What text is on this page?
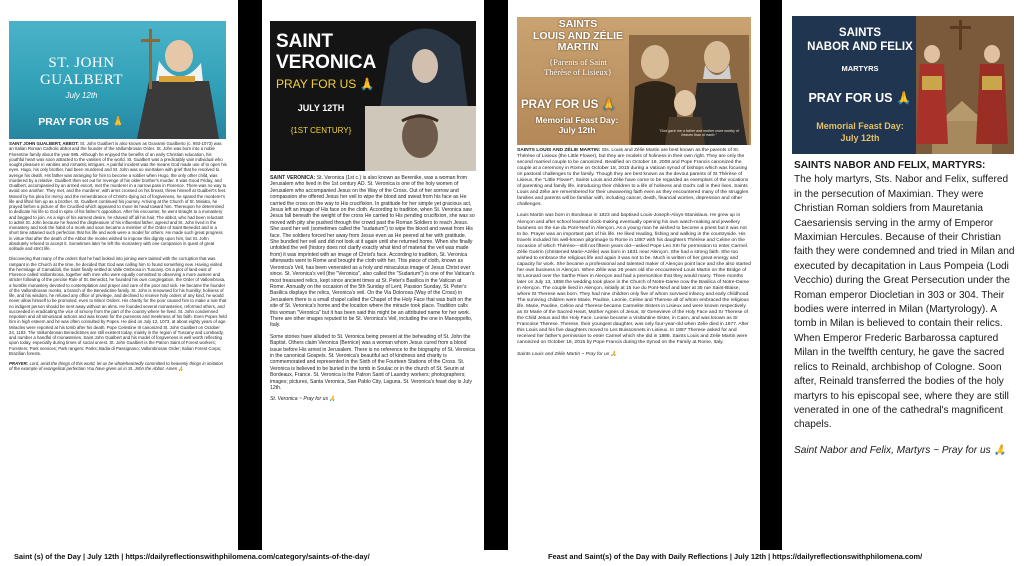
ST. JOHN
GUALBERT
July 12th
PRAY FOR US 🙏

SAINT JOHN GUALBERT, ABBOT: St. John Gualbert is also known as Giovanni Gualberto (c. 993-1073) was an Italian Roman Catholic abbot and the founder of the Vallumbrosan Order. St. John was born into a noble Florentine family about the year 985. Although he enjoyed the benefits of an early Christian education, his youthful heart was soon attracted to the vanities of the world. St. Gualbert was a predictably vain individual who sought pleasure in vanities and romantic intrigues. A painful incident was the means God made use of to open his eyes. Hugo, his only brother, had been murdered and St. John was so overtaken with grief that he resolved to avenge his death. His father was arranging for him to become a soldier when Hugo, the only other child, was murdered by a relative. Gualbert then set out for revenge of his older brother's murder. It was Good Friday, and Gualbert, accompanied by an armed escort, met the murderer in a narrow pass in Florence. There was no way to avoid one another. They met, and the murderer, with arms crossed on his breast, threw himself at Gualbert's feet. Moved by his plea for mercy and the remembrance of Christ's dying act of forgiveness, he spared the murderer's life and lifted him up as a brother. St. Gualbert continued his journey. Arriving at the Church of St. Miniato, he prayed before a picture of the Crucified which appeared to move its head toward him. Thereupon he determined to dedicate his life to God in spite of his father's opposition. After his encounter, he went straight to a monastery and begged to join. As a sign of his earnest desire, he shaved off all his hair. The abbot, who had been reluctant to admit St. John because he feared the displeasure of his influential father, agreed and St. John lived in the monastery and took the habit of a monk and soon became a member of the Order of Saint Benedict and in a short time attained such perfection that his life and work were a model for others. He made such great progress in virtue that after the death of the Abbot the monks wished to impose this dignity upon him, but St. John absolutely refused to accept it. Sometimes later he left the monastery with one companion in quest of great solitude and strict life.

Discovering that many of the orders that he had looked into joining were tainted with the corruption that was rampant in the Church at the time, he decided that God was calling him to found something new. Having visited the hermitage of Camaldoli, the Saint finally settled at Valle Ombrosa in Tuscany. On a plot of land east of Florence called Vallombrosa, together with men who were equally committed to observing a more austere and stricter following of the precise Rule of St. Benedict, he founded his own congregation, the Order of Vallombrosa, a humble monastery devoted to contemplation and prayer and care of the poor and sick. He became the founder of the Vallombrosan monks, a branch of the Benedictine family. St. John is renowned for his humility, holiness of life, and his wisdom, he refused any office of privilege, and declined to receive holy orders of any kind, he would never allow himself to be promoted, even to Minor Orders. His charity for the poor caused him to make a rule that no indigent person should be sent away without an alms. He founded several monasteries, reformed others, and succeeded in eradicating the vice of simony from the part of the country where he lived. St. John condemned nepotism and all simoniacal actions and was known for the pureness and meekness of his faith. Even Popes held him in high esteem and he was often consulted by Popes. He died on July 12, 1073, at about eighty years of age. Miracles were reported at his tomb after his death. Pope Celestine III canonized St. John Gualbert on October 24, 1193. The Vallumbrosan Benedictines are still existent today, mainly in the region of Tuscany and Lombardy, and number a handful of monasteries. Saint John Gualbert and his model of forgiveness is well worth reflecting upon today, especially during times of social unrest. St. John Gualbert is the Patron Saint of Forest workers; Foresters; Park services; Park rangers; Parks; Badia di Passignano; Vallumbrosan Order; Italian Forest Corps; Brazilian forests.

PRAYER: Lord, amid the things of this world, let us be wholeheartedly committed to heavenly things in imitation of the example of evangelical perfection You have given us in St. John the Abbot. Amen 🙏

SAINT
VERONICA
PRAY FOR US 🙏
JULY 12TH
{1ST CENTURY}

SAINT VERONICA: St. Veronica (1st c.) is also known as Berenike, was a woman from Jerusalem who lived in the 1st century AD. St. Veronica is one of the holy women of Jerusalem who accompanied Jesus on the Way of the Cross. Out of her sorrow and compassion she offered Jesus her veil to wipe the blood and sweat from his face as He carried the cross on the way to His crucifixion. In gratitude for her simple yet gracious act, Jesus left an image of His face on the cloth. According to tradition, when St. Veronica saw Jesus fall beneath the weight of the cross He carried to His pending crucifixion, she was so moved with pity she pushed through the crowd past the Roman Soldiers to reach Jesus. She used her veil (sometimes called the "sudarium") to wipe the blood and sweat from His face. The soldiers forced her away from Jesus even as He peered at her with gratitude. She bundled her veil and did not look at it again until she returned home. When she finally unfolded the veil (history does not clarify exactly what kind of material the veil was made from) it was imprinted with an image of Christ's face. According to tradition, St. Veronica afterwards went to Rome and brought the cloth with her. This piece of cloth, known as Veronica's Veil, has been venerated as a holy and miraculous image of Jesus Christ ever since. St. Veronica's veil (the "Veronica", also called the "Sudarium") is one of the Vatican's most treasured relics, kept since ancient times at St. Peter's Basilica in the Vatican at Rome. Annually on the occasion of the 5th Sunday of Lent, Passion Sunday, St. Peter's Basilica displays the relics, Veronica's veil. On the Via Dolorosa (Way of the Cross) in Jerusalem there is a small chapel called the Chapel of the Holy Face that was built on the site of St. Veronica's home and the location where the miracle took place. Tradition calls this woman "Veronica" but it has been said this might be an attributed name for her work. There are other images reputed to be St. Veronica's Veil, including the one in Manoppello, Italy.

Some stories have alluded to St. Veronica being present at the beheading of St. John the Baptist. Others claim Veronica (Bernice) was a woman whom Jesus cured from a blood issue before His arrest in Jerusalem. There is no reference to the biography of St. Veronica in the canonical Gospels. St. Veronica's beautiful act of kindness and charity is commemorated and represented in the Sixth of the Fourteen Stations of the Cross. St. Veronica is believed to be buried in the tomb in Soulac or in the church of St. Seurin at Bordeaux, France. St. Veronica is the Patron Saint of Laundry workers; photographers; images; pictures, Santa Veronica, San Pablo City, Laguna. St. Veronica's feast day is July 12th.

St. Veronica ~ Pray for us 🙏

SAINTS
LOUIS AND ZÉLIE
MARTIN
{Parents of Saint
Thérèse of Lisieux}
PRAY FOR US 🙏
Memorial Feast Day:
July 12th	"God gave me a father and mother more worthy of heaven than of earth."

SAINTS LOUIS AND ZÉLIE MARTIN: Sts. Louis and Zélie Martin are best known as the parents of St. Thérèse of Lisieux (the Little Flower), but they are models of holiness in their own right. They are only the second married couple to be canonized. Beatified on October 19, 2008 and Pope Francis canonized the couple at a ceremony in Rome on October 18, 2015 during a Vatican synod of bishops which was focusing on pastoral challenges to the family. Though they are best known as the devout parents of St Thérèse of Lisieux, the "Little Flower", Saints Louis and Zélie have come to be regarded as exemplars of the vocations of parenting and family life, introducing their children to a life of holiness and God's call in their lives. Saints Louis and Zélie are remembered for their unwavering faith even as they encountered many of the struggles families and parents will be familiar with, including cancer, death, financial worries, depression and other challenges.

Louis Martin was born in Bordeaux in 1823 and baptised Louis-Joseph-Aloys-Stanislaus. He grew up in Alençon and after school learned clock-making eventually opening his own watch-making and jewellery business on the rue du Pont-Neuf in Alençon. As a young man he wished to become a priest but it was not to be. Prayer was an important part of his life. He liked reading, fishing and walking in the countryside. His travels included his well-known pilgrimage to Rome in 1887 with his daughters Thérèse and Celine on the occasion of which Thérèse—still not fifteen years old—asked Pope Leo XIII for permission to enter Carmel. Zélie Guérin (christened Marie-Azélie) was born in 1831 near Alençon. She had a strong faith. She too wished to embrace the religious life and again it was not to be. Much is written of her great energy and capacity for work. She became a professional and talented maker of Alençon point lace and she also started her own business in Alençon. When Zélie was 26 years old she encountered Louis Martin on the Bridge of St Leonard over the Sarthe River in Alençon and had a premonition that they would marry. Three months later on July 13, 1858 the wedding took place in the Church of Notre-Dame now the Basilica of Notre-Dame in Alençon. The couple lived in Alençon, initially at 15 rue du Pont-Neuf and later at 35 rue Saint-Blaise, where St Therese was born. They had nine children only five of whom survived infancy and early childhood. The surviving children were Marie, Pauline, Leonie, Celine and Therese all of whom embraced the religious life. Marie, Pauline, Celine and Therese became Carmelite Sisters in Lisieux and were known respectively as Sr Marie of the Sacred Heart, Mother Agnes of Jesus, Sr Genevieve of the Holy Face and Sr Therese of the Child Jesus and the Holy Face. Leonie became a Visitantine Sister, in Caen, and was known as Sr Francoise Therese. Therese, their youngest daughter, was only four-year-old when Zelie died in 1877. After this Louis and his five daughters moved to Les Buissonnets in Lisieux. In 1887 Therese asked for and received her father's permission to enter Carmel which she did in 1888. Saints Louis and Zelie Martin were canonized on October 18, 2015 by Pope Francis during the Synod on the Family at Rome, Italy.

Saints Louis and Zélie Martin ~ Pray for us 🙏

SAINTS
NABOR AND FELIX
MARTYRS
PRAY FOR US 🙏
Memorial Feast Day:
July 12th

SAINTS NABOR AND FELIX, MARTYRS:

The holy martyrs, Sts. Nabor and Felix, suffered in the persecution of Maximian. They were Christian Roman soldiers from Mauretania Caesariensis serving in the army of Emperor Maximian Hercules. Because of their Christian faith they were condemned and tried in Milan and executed by decapitation in Laus Pompeia (Lodi Vecchio) during the Great Persecution under the Roman emperor Diocletian in 303 or 304. Their bodies were interred in Milan (Martyrology). A tomb in Milan is believed to contain their relics. When Emperor Frederic Barbarossa captured Milan in the twelfth century, he gave the sacred relics to Reinald, archbishop of Cologne. Soon after, Reinald transferred the bodies of the holy martyrs to his episcopal see, where they are still venerated in one of the cathedral's magnificent chapels.

Saint Nabor and Felix, Martyrs ~ Pray for us 🙏

Saint (s) of the Day | July 12th | https://dailyreflectionswithphilomena.com/category/saints-of-the-day/	Feast and Saint(s) of the Day with Daily Reflections | July 12th | https://dailyreflectionswithphilomena.com/
